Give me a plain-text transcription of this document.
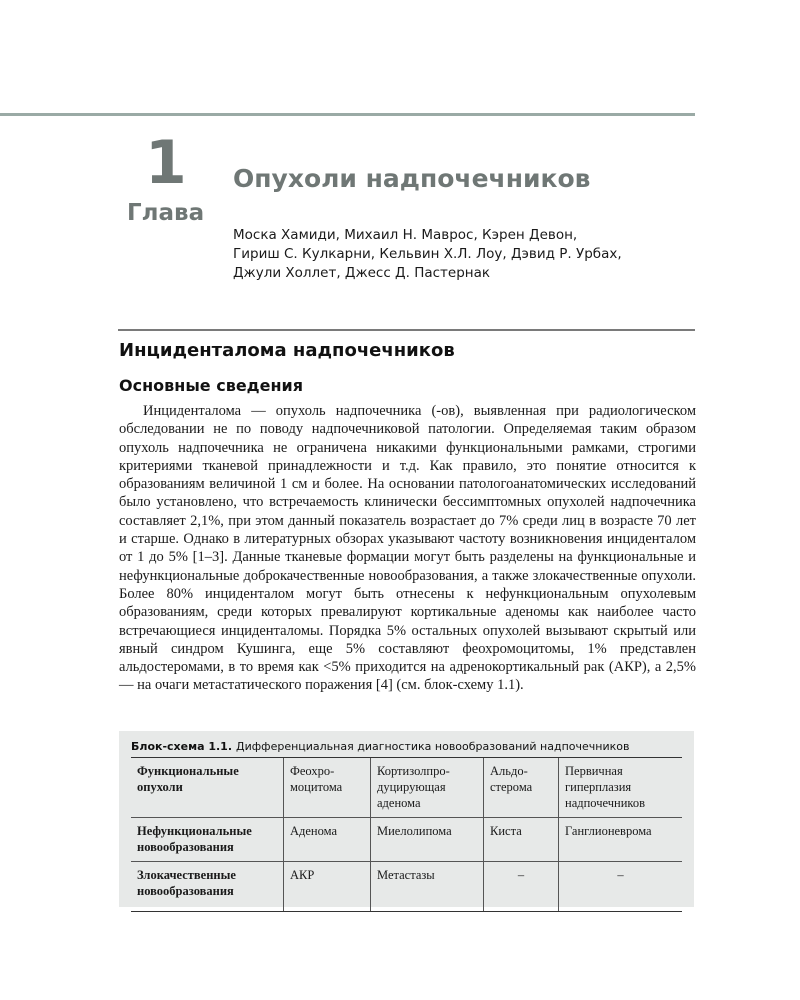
1
Глава
Опухоли надпочечников
Моска Хамиди, Михаил Н. Маврос, Кэрен Девон,
Гириш С. Кулкарни, Кельвин Х.Л. Лоу, Дэвид Р. Урбах,
Джули Холлет, Джесс Д. Пастернак
Инциденталома надпочечников
Основные сведения

Инциденталома — опухоль надпочечника (-ов), выявленная при радиологическом обследовании не по поводу надпочечниковой патологии. Определяемая таким образом опухоль надпочечника не ограничена никакими функциональными рамками, строгими критериями тканевой принадлежности и т.д. Как правило, это понятие относится к образованиям величиной 1 см и более. На основании патологоанатомических исследований было установлено, что встречаемость клинически бессимптомных опухолей надпочечника составляет 2,1%, при этом данный показатель возрастает до 7% среди лиц в возрасте 70 лет и старше. Однако в литературных обзорах указывают частоту возникновения инциденталом от 1 до 5% [1–3]. Данные тканевые формации могут быть разделены на функциональные и нефункциональные доброкачественные новообразования, а также злокачественные опухоли. Более 80% инциденталом могут быть отнесены к нефункциональным опухолевым образованиям, среди которых превалируют кортикальные аденомы как наиболее часто встречающиеся инциденталомы. Порядка 5% остальных опухолей вызывают скрытый или явный синдром Кушинга, еще 5% составляют феохромоцитомы, 1% представлен альдостеромами, в то время как <5% приходится на адренокортикальный рак (АКР), а 2,5% — на очаги метастатического поражения [4] (см. блок-схему 1.1).

Блок-схема 1.1. Дифференциальная диагностика новообразований надпочечников
Функциональные опухоли	Феохро-моцитома	Кортизолпро-дуцирующая аденома	Альдо-стерома	Первичная гиперплазия надпочечников
Нефункциональные новообразования	Аденома	Миелолипома	Киста	Ганглионеврома
Злокачественные новообразования	АКР	Метастазы	–	–
